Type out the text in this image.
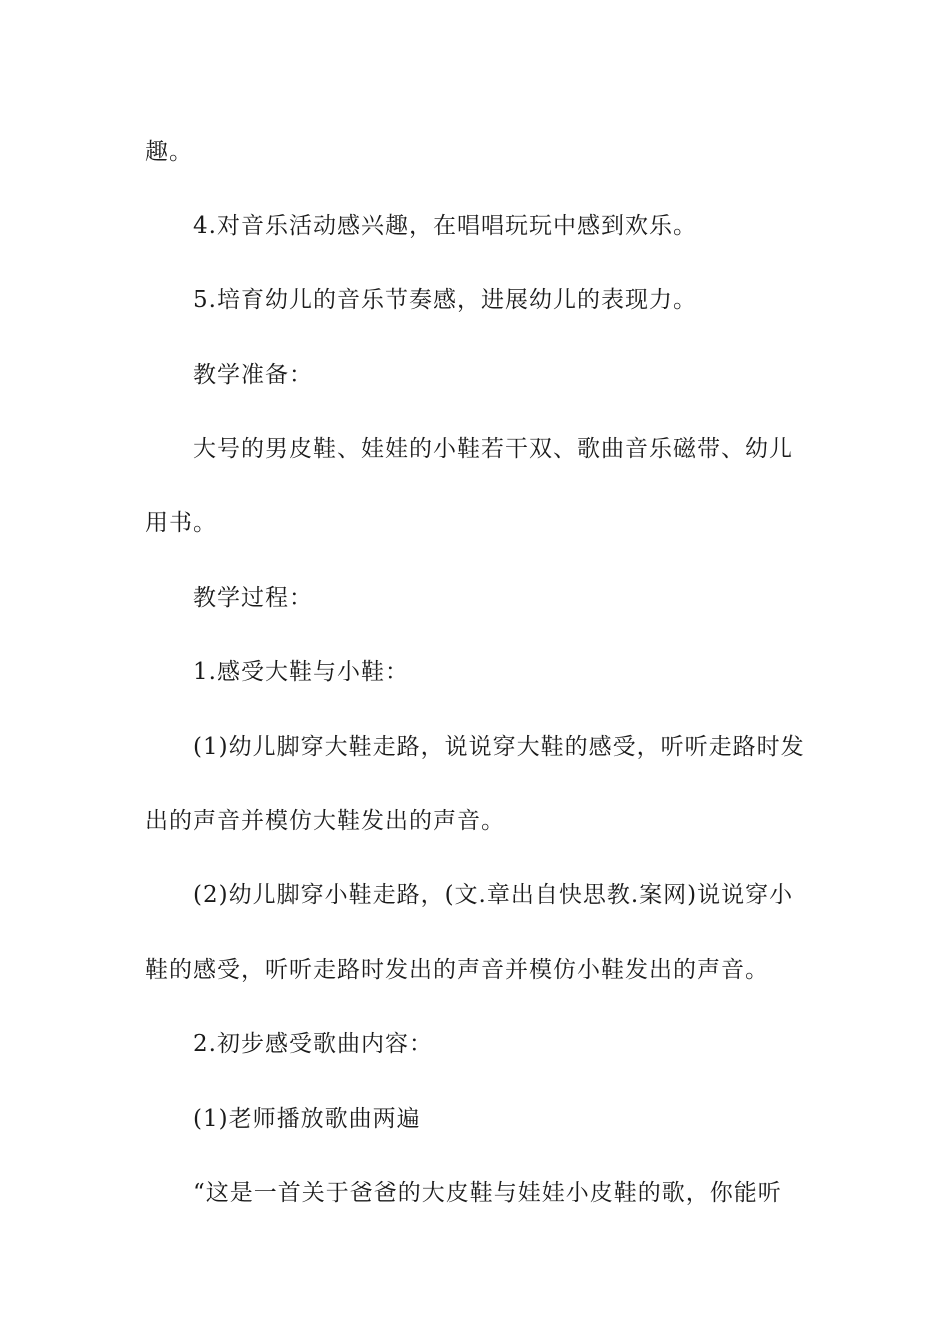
趣。
4.对音乐活动感兴趣，在唱唱玩玩中感到欢乐。
5.培育幼儿的音乐节奏感，进展幼儿的表现力。
教学准备：
大号的男皮鞋、娃娃的小鞋若干双、歌曲音乐磁带、幼儿
用书。
教学过程：
1.感受大鞋与小鞋：
(1)幼儿脚穿大鞋走路，说说穿大鞋的感受，听听走路时发
出的声音并模仿大鞋发出的声音。
(2)幼儿脚穿小鞋走路，(文.章出自快思教.案网)说说穿小
鞋的感受，听听走路时发出的声音并模仿小鞋发出的声音。
2.初步感受歌曲内容：
(1)老师播放歌曲两遍
“这是一首关于爸爸的大皮鞋与娃娃小皮鞋的歌，你能听
